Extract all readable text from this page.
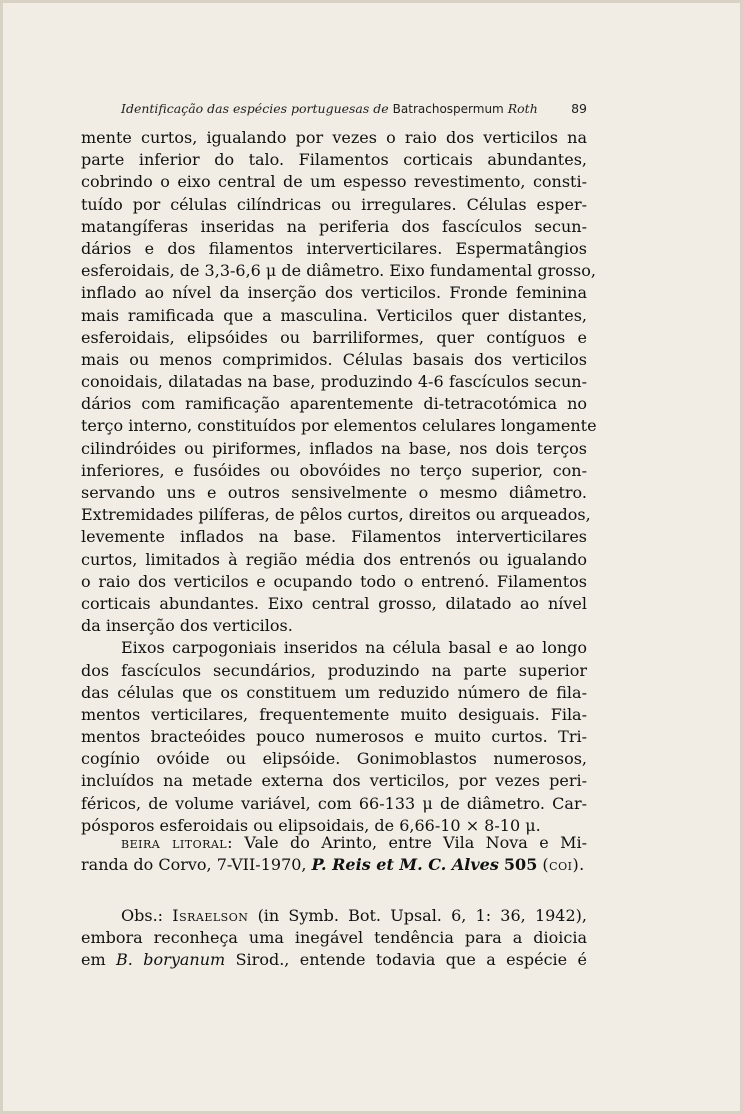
Identificação das espécies portuguesas de Batrachospermum Roth	89
mente curtos, igualando por vezes o raio dos verticilos na
parte inferior do talo. Filamentos corticais abundantes,
cobrindo o eixo central de um espesso revestimento, consti-
tuído por células cilíndricas ou irregulares. Células esper-
matangíferas inseridas na periferia dos fascículos secun-
dários e dos filamentos interverticilares. Espermatângios
esferoidais, de 3,3-6,6 μ de diâmetro. Eixo fundamental grosso,
inflado ao nível da inserção dos verticilos. Fronde feminina
mais ramificada que a masculina. Verticilos quer distantes,
esferoidais, elipsóides ou barriliformes, quer contíguos e
mais ou menos comprimidos. Células basais dos verticilos
conoidais, dilatadas na base, produzindo 4-6 fascículos secun-
dários com ramificação aparentemente di-tetracotómica no
terço interno, constituídos por elementos celulares longamente
cilindróides ou piriformes, inflados na base, nos dois terços
inferiores, e fusóides ou obovóides no terço superior, con-
servando uns e outros sensivelmente o mesmo diâmetro.
Extremidades pilíferas, de pêlos curtos, direitos ou arqueados,
levemente inflados na base. Filamentos interverticilares
curtos, limitados à região média dos entrenós ou igualando
o raio dos verticilos e ocupando todo o entrenó. Filamentos
corticais abundantes. Eixo central grosso, dilatado ao nível
da inserção dos verticilos.
Eixos carpogoniais inseridos na célula basal e ao longo
dos fascículos secundários, produzindo na parte superior
das células que os constituem um reduzido número de fila-
mentos verticilares, frequentemente muito desiguais. Fila-
mentos bracteóides pouco numerosos e muito curtos. Tri-
cogínio ovóide ou elipsóide. Gonimoblastos numerosos,
incluídos na metade externa dos verticilos, por vezes peri-
féricos, de volume variável, com 66-133 μ de diâmetro. Car-
pósporos esferoidais ou elipsoidais, de 6,66-10 × 8-10 μ.
beira litoral: Vale do Arinto, entre Vila Nova e Mi-
randa do Corvo, 7-VII-1970, P. Reis et M. C. Alves 505 (coi).
Obs.: Israelson (in Symb. Bot. Upsal. 6, 1: 36, 1942),
embora reconheça uma inegável tendência para a dioicia
em B. boryanum Sirod., entende todavia que a espécie é
